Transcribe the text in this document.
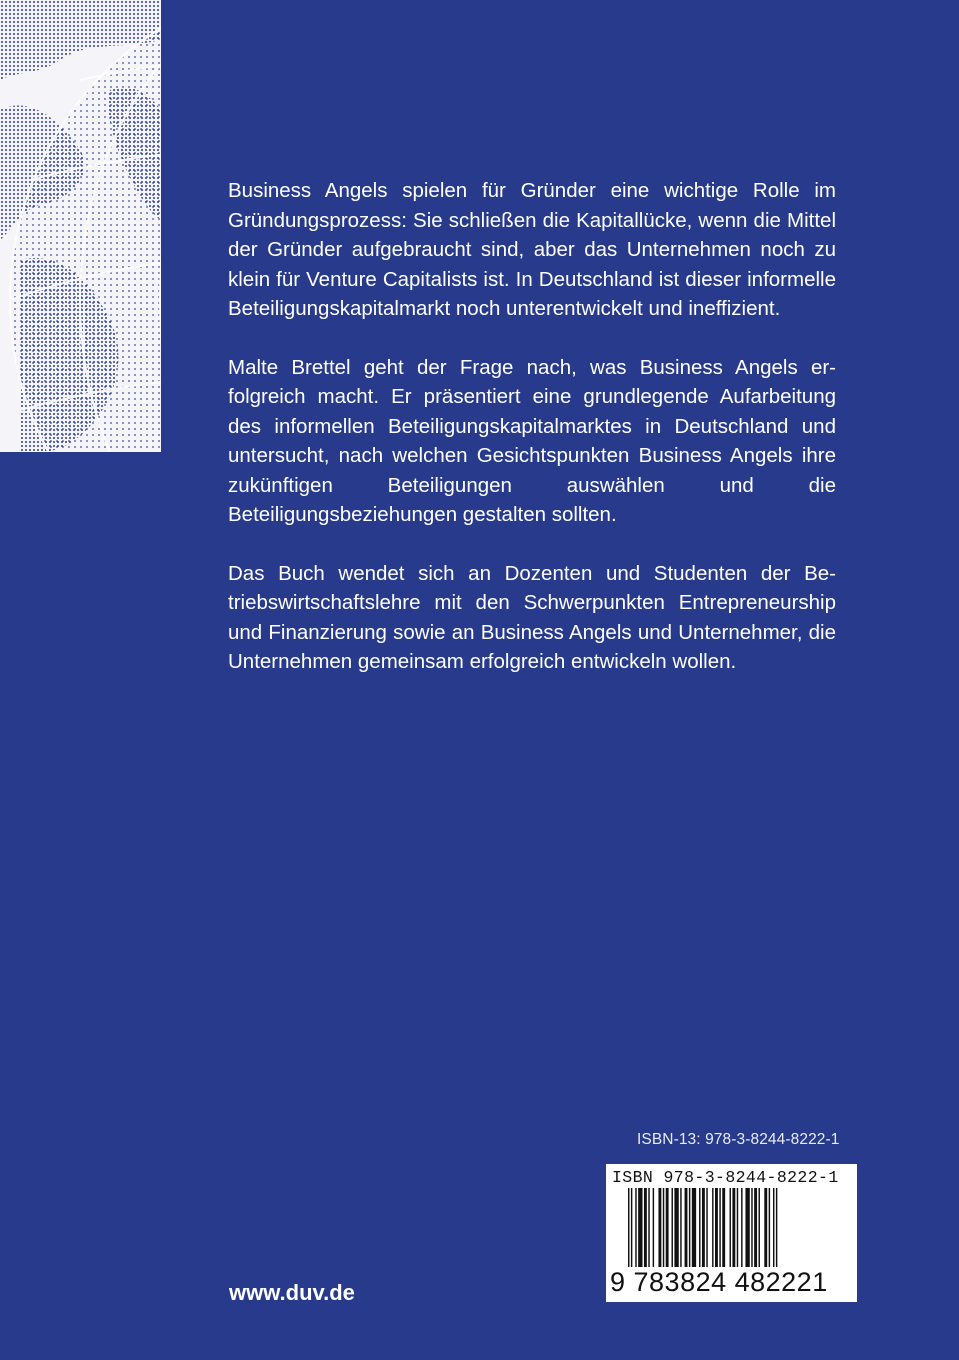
Business Angels spielen für Gründer eine wichtige Rolle im Gründungsprozess: Sie schließen die Kapitallücke, wenn die Mittel der Gründer aufgebraucht sind, aber das Unternehmen noch zu klein für Venture Capitalists ist. In Deutschland ist dieser informelle Beteiligungskapitalmarkt noch unterentwickelt und ineffizient.

Malte Brettel geht der Frage nach, was Business Angels erfolgreich macht. Er präsentiert eine grundlegende Aufarbeitung des informellen Beteiligungskapitalmarktes in Deutschland und untersucht, nach welchen Gesichtspunkten Business Angels ihre zukünftigen Beteiligungen auswählen und die Beteiligungsbeziehungen gestalten sollten.

Das Buch wendet sich an Dozenten und Studenten der Betriebswirtschaftslehre mit den Schwerpunkten Entrepreneurship und Finanzierung sowie an Business Angels und Unternehmer, die Unternehmen gemeinsam erfolgreich entwickeln wollen.

ISBN-13: 978-3-8244-8222-1
ISBN 978-3-8244-8222-1
9 783824 482221
www.duv.de
